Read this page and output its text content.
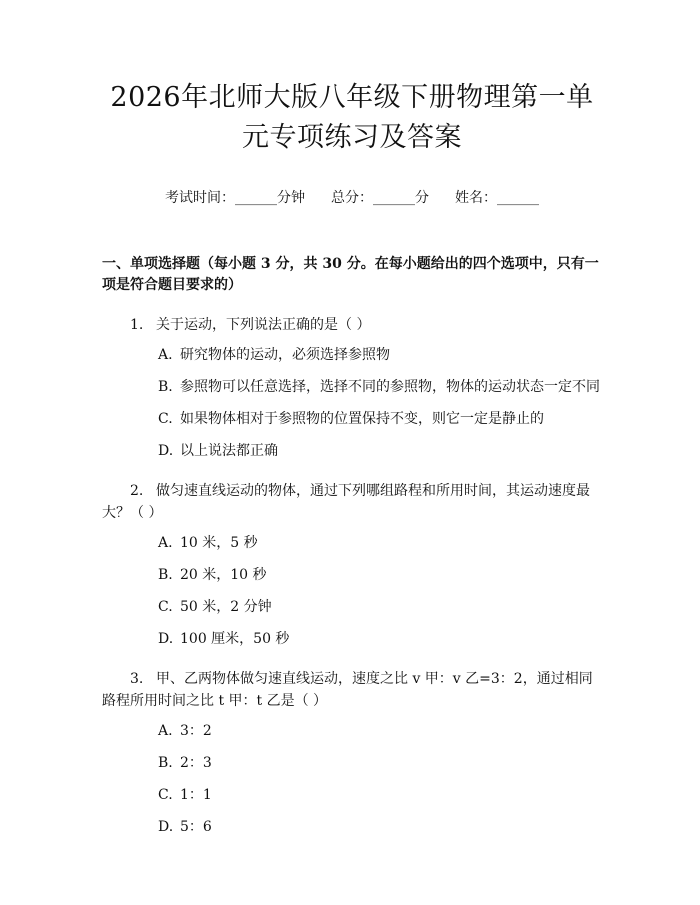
2026年北师大版八年级下册物理第一单元专项练习及答案
考试时间：______分钟 总分：______分 姓名：______
一、单项选择题（每小题 3 分，共 30 分。在每小题给出的四个选项中，只有一项是符合题目要求的）
1. 关于运动，下列说法正确的是（ ）
A. 研究物体的运动，必须选择参照物
B. 参照物可以任意选择，选择不同的参照物，物体的运动状态一定不同
C. 如果物体相对于参照物的位置保持不变，则它一定是静止的
D. 以上说法都正确
2. 做匀速直线运动的物体，通过下列哪组路程和所用时间，其运动速度最大？（ ）
A. 10 米，5 秒
B. 20 米，10 秒
C. 50 米，2 分钟
D. 100 厘米，50 秒
3. 甲、乙两物体做匀速直线运动，速度之比 v 甲：v 乙=3：2，通过相同路程所用时间之比 t 甲：t 乙是（ ）
A. 3：2
B. 2：3
C. 1：1
D. 5：6
